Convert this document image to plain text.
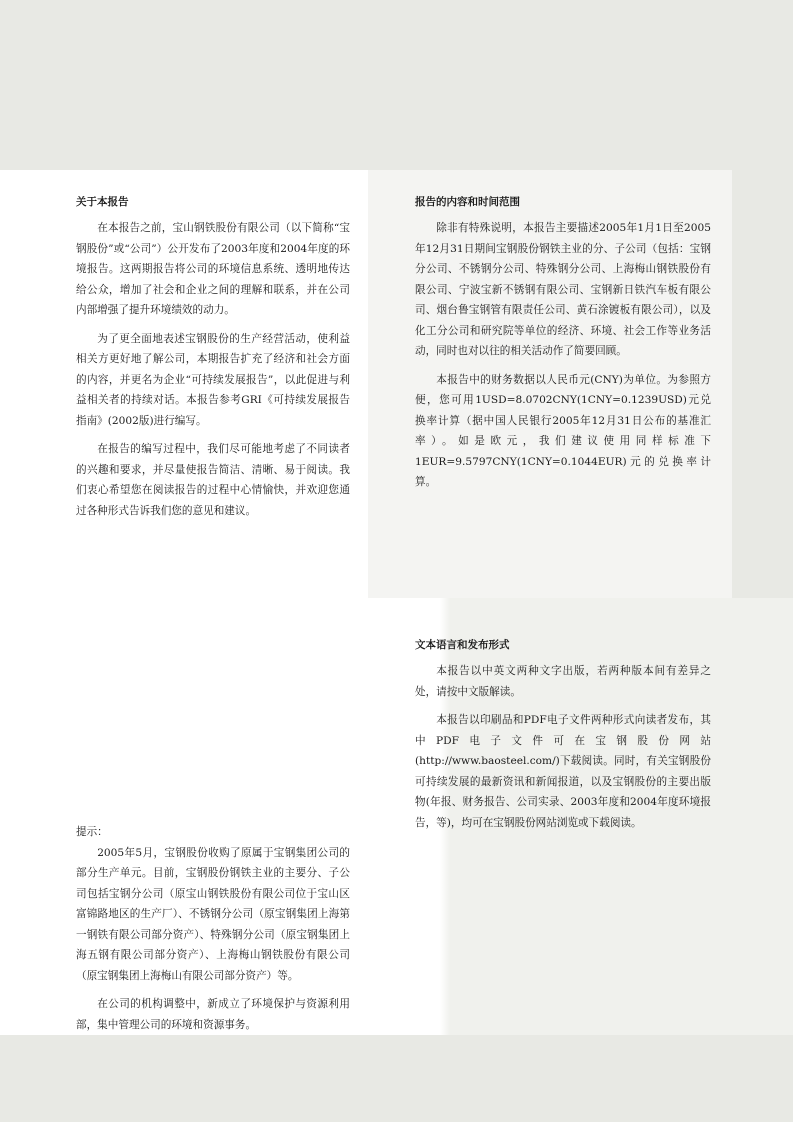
关于本报告

在本报告之前，宝山钢铁股份有限公司（以下简称“宝钢股份”或“公司”）公开发布了2003年度和2004年度的环境报告。这两期报告将公司的环境信息系统、透明地传达给公众，增加了社会和企业之间的理解和联系，并在公司内部增强了提升环境绩效的动力。

为了更全面地表述宝钢股份的生产经营活动，使利益相关方更好地了解公司，本期报告扩充了经济和社会方面的内容，并更名为企业“可持续发展报告”，以此促进与利益相关者的持续对话。本报告参考GRI《可持续发展报告指南》(2002版)进行编写。

在报告的编写过程中，我们尽可能地考虑了不同读者的兴趣和要求，并尽量使报告简洁、清晰、易于阅读。我们衷心希望您在阅读报告的过程中心情愉快，并欢迎您通过各种形式告诉我们您的意见和建议。

报告的内容和时间范围

除非有特殊说明，本报告主要描述2005年1月1日至2005年12月31日期间宝钢股份钢铁主业的分、子公司（包括：宝钢分公司、不锈钢分公司、特殊钢分公司、上海梅山钢铁股份有限公司、宁波宝新不锈钢有限公司、宝钢新日铁汽车板有限公司、烟台鲁宝钢管有限责任公司、黄石涂镀板有限公司），以及化工分公司和研究院等单位的经济、环境、社会工作等业务活动，同时也对以往的相关活动作了简要回顾。

本报告中的财务数据以人民币元(CNY)为单位。为参照方便，您可用1USD=8.0702CNY(1CNY=0.1239USD)元兑换率计算（据中国人民银行2005年12月31日公布的基准汇率）。如是欧元，我们建议使用同样标准下1EUR=9.5797CNY(1CNY=0.1044EUR)元的兑换率计算。

文本语言和发布形式

本报告以中英文两种文字出版，若两种版本间有差异之处，请按中文版解读。

本报告以印刷品和PDF电子文件两种形式向读者发布，其中PDF电子文件可在宝钢股份网站(http://www.baosteel.com/)下载阅读。同时，有关宝钢股份可持续发展的最新资讯和新闻报道，以及宝钢股份的主要出版物(年报、财务报告、公司实录、2003年度和2004年度环境报告，等)，均可在宝钢股份网站浏览或下载阅读。

提示：

2005年5月，宝钢股份收购了原属于宝钢集团公司的部分生产单元。目前，宝钢股份钢铁主业的主要分、子公司包括宝钢分公司（原宝山钢铁股份有限公司位于宝山区富锦路地区的生产厂）、不锈钢分公司（原宝钢集团上海第一钢铁有限公司部分资产）、特殊钢分公司（原宝钢集团上海五钢有限公司部分资产）、上海梅山钢铁股份有限公司（原宝钢集团上海梅山有限公司部分资产）等。

在公司的机构调整中，新成立了环境保护与资源利用部，集中管理公司的环境和资源事务。
